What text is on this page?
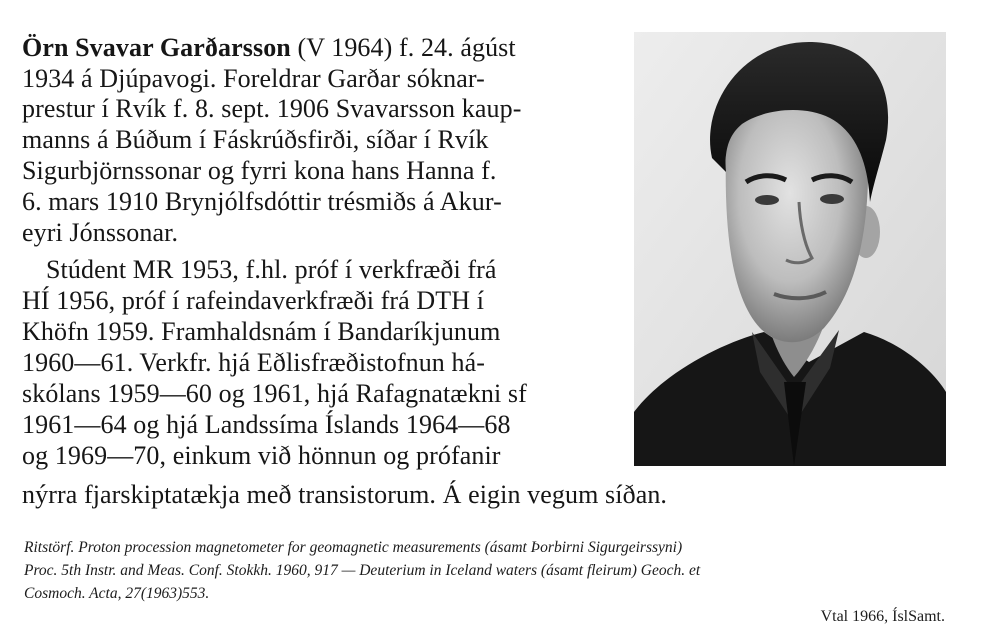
Örn Svavar Garðarsson (V 1964) f. 24. ágúst
1934 á Djúpavogi. Foreldrar Garðar sóknar-
prestur í Rvík f. 8. sept. 1906 Svavarsson kaup-
manns á Búðum í Fáskrúðsfirði, síðar í Rvík
Sigurbjörnssonar og fyrri kona hans Hanna f.
6. mars 1910 Brynjólfsdóttir trésmiðs á Akur-
eyri Jónssonar.
Stúdent MR 1953, f.hl. próf í verkfræði frá
HÍ 1956, próf í rafeindaverkfræði frá DTH í
Khöfn 1959. Framhaldsnám í Bandaríkjunum
1960—61. Verkfr. hjá Eðlisfræðistofnun há-
skólans 1959—60 og 1961, hjá Rafagnatækni sf
1961—64 og hjá Landssíma Íslands 1964—68
og 1969—70, einkum við hönnun og prófanir
nýrra fjarskiptatækja með transistorum. Á eigin vegum síðan.
Ritstörf. Proton procession magnetometer for geomagnetic measurements (ásamt Þorbirni Sigurgeirssyni)
Proc. 5th Instr. and Meas. Conf. Stokkh. 1960, 917 — Deuterium in Iceland waters (ásamt fleirum) Geoch. et
Cosmoch. Acta, 27(1963)553.
Vtal 1966, ÍslSamt.
